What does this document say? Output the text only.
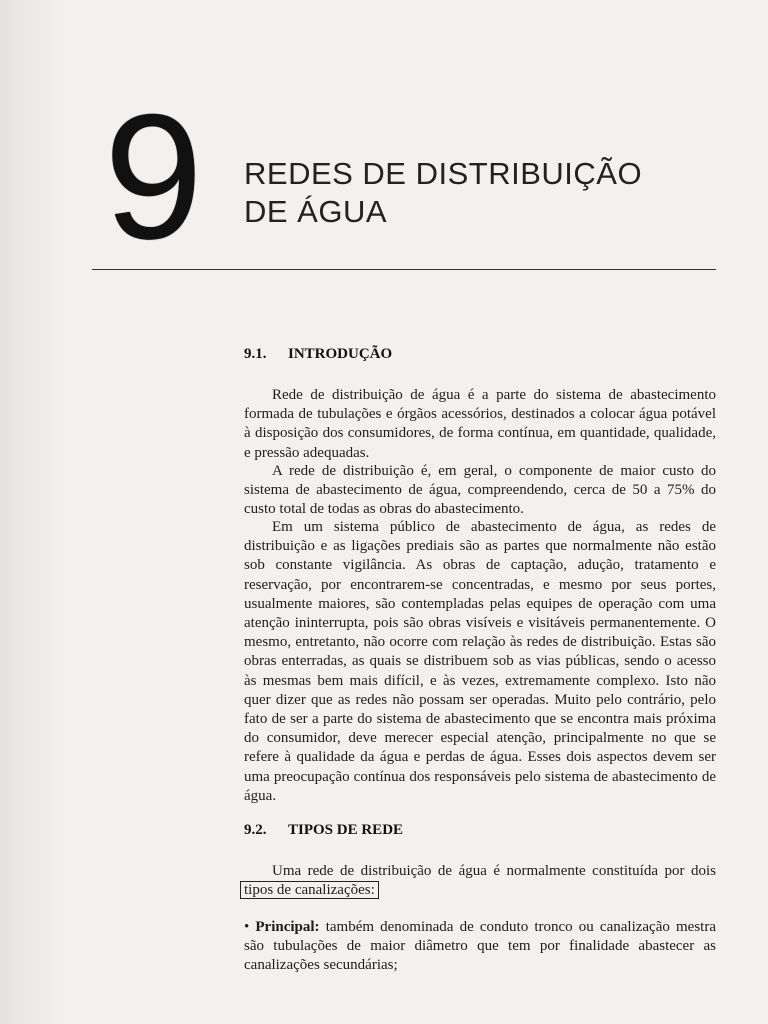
9 REDES DE DISTRIBUIÇÃO
DE ÁGUA
9.1. INTRODUÇÃO

Rede de distribuição de água é a parte do sistema de abastecimento formada de tubulações e órgãos acessórios, destinados a colocar água potável à disposição dos consumidores, de forma contínua, em quantidade, qualidade, e pressão adequadas.

A rede de distribuição é, em geral, o componente de maior custo do sistema de abastecimento de água, compreendendo, cerca de 50 a 75% do custo total de todas as obras do abastecimento.

Em um sistema público de abastecimento de água, as redes de distribuição e as ligações prediais são as partes que normalmente não estão sob constante vigilância. As obras de captação, adução, tratamento e reservação, por encontrarem-se concentradas, e mesmo por seus portes, usualmente maiores, são contempladas pelas equipes de operação com uma atenção ininterrupta, pois são obras visíveis e visitáveis permanentemente. O mesmo, entretanto, não ocorre com relação às redes de distribuição. Estas são obras enterradas, as quais se distribuem sob as vias públicas, sendo o acesso às mesmas bem mais difícil, e às vezes, extremamente complexo. Isto não quer dizer que as redes não possam ser operadas. Muito pelo contrário, pelo fato de ser a parte do sistema de abastecimento que se encontra mais próxima do consumidor, deve merecer especial atenção, principalmente no que se refere à qualidade da água e perdas de água. Esses dois aspectos devem ser uma preocupação contínua dos responsáveis pelo sistema de abastecimento de água.

9.2. TIPOS DE REDE

Uma rede de distribuição de água é normalmente constituída por dois tipos de canalizações:

• Principal: também denominada de conduto tronco ou canalização mestra são tubulações de maior diâmetro que tem por finalidade abastecer as canalizações secundárias;
